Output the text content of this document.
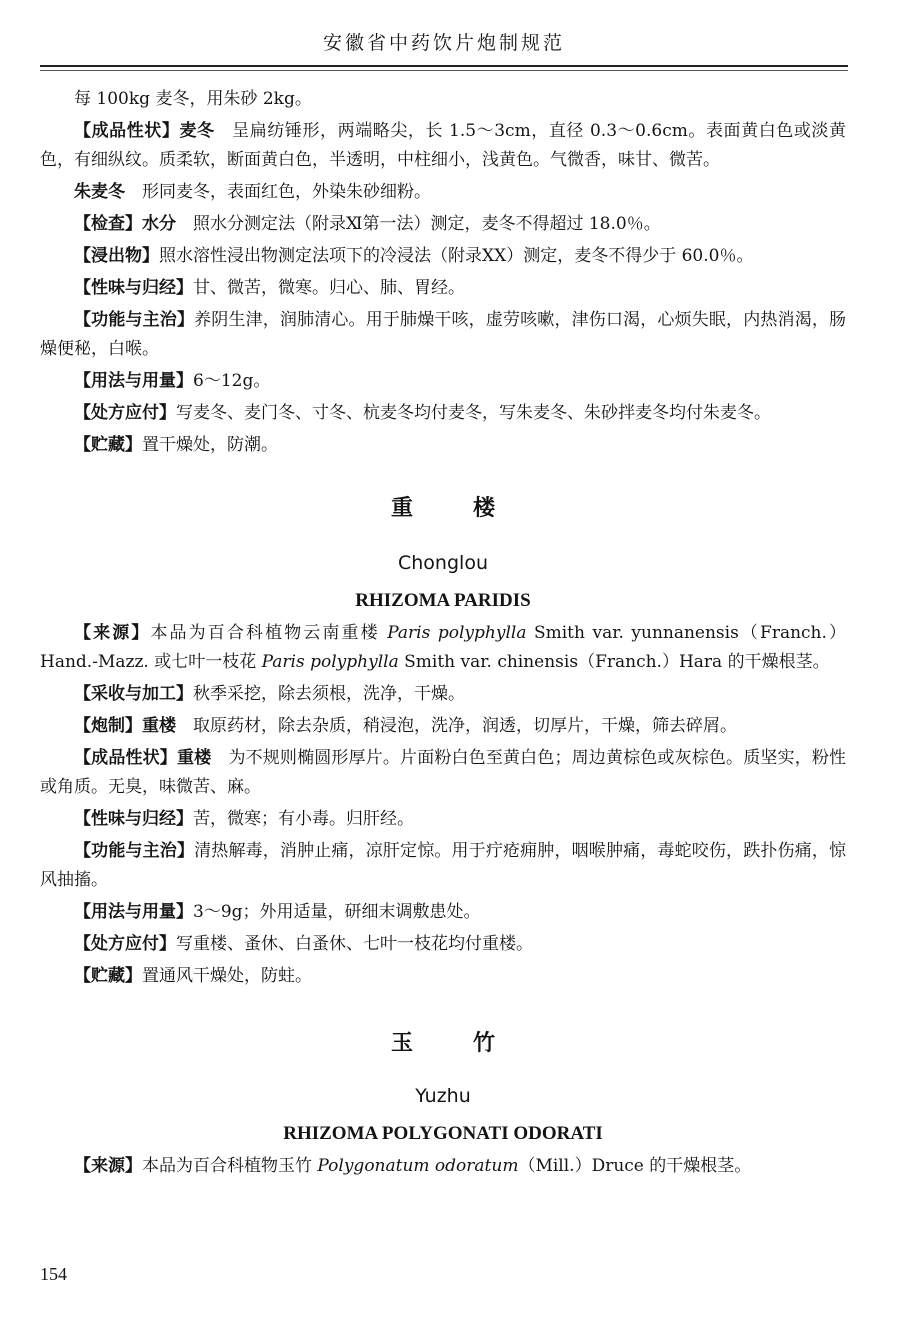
安徽省中药饮片炮制规范

每 100kg 麦冬，用朱砂 2kg。

【成品性状】麦冬 呈扁纺锤形，两端略尖，长 1.5～3cm，直径 0.3～0.6cm。表面黄白色或淡黄色，有细纵纹。质柔软，断面黄白色，半透明，中柱细小，浅黄色。气微香，味甘、微苦。

朱麦冬 形同麦冬，表面红色，外染朱砂细粉。

【检查】水分 照水分测定法（附录Ⅺ第一法）测定，麦冬不得超过 18.0％。

【浸出物】照水溶性浸出物测定法项下的冷浸法（附录ⅩⅩ）测定，麦冬不得少于 60.0％。

【性味与归经】甘、微苦，微寒。归心、肺、胃经。

【功能与主治】养阴生津，润肺清心。用于肺燥干咳，虚劳咳嗽，津伤口渴，心烦失眠，内热消渴，肠燥便秘，白喉。

【用法与用量】6～12g。

【处方应付】写麦冬、麦门冬、寸冬、杭麦冬均付麦冬，写朱麦冬、朱砂拌麦冬均付朱麦冬。

【贮藏】置干燥处，防潮。

重楼

Chonglou

RHIZOMA PARIDIS

【来源】本品为百合科植物云南重楼 Paris polyphylla Smith var. yunnanensis（Franch.）Hand.-Mazz. 或七叶一枝花 Paris polyphylla Smith var. chinensis（Franch.）Hara 的干燥根茎。

【采收与加工】秋季采挖，除去须根，洗净，干燥。

【炮制】重楼 取原药材，除去杂质，稍浸泡，洗净，润透，切厚片，干燥，筛去碎屑。

【成品性状】重楼 为不规则椭圆形厚片。片面粉白色至黄白色；周边黄棕色或灰棕色。质坚实，粉性或角质。无臭，味微苦、麻。

【性味与归经】苦，微寒；有小毒。归肝经。

【功能与主治】清热解毒，消肿止痛，凉肝定惊。用于疔疮痈肿，咽喉肿痛，毒蛇咬伤，跌扑伤痛，惊风抽搐。

【用法与用量】3～9g；外用适量，研细末调敷患处。

【处方应付】写重楼、蚤休、白蚤休、七叶一枝花均付重楼。

【贮藏】置通风干燥处，防蛀。

玉竹

Yuzhu

RHIZOMA POLYGONATI ODORATI

【来源】本品为百合科植物玉竹 Polygonatum odoratum（Mill.）Druce 的干燥根茎。

154
